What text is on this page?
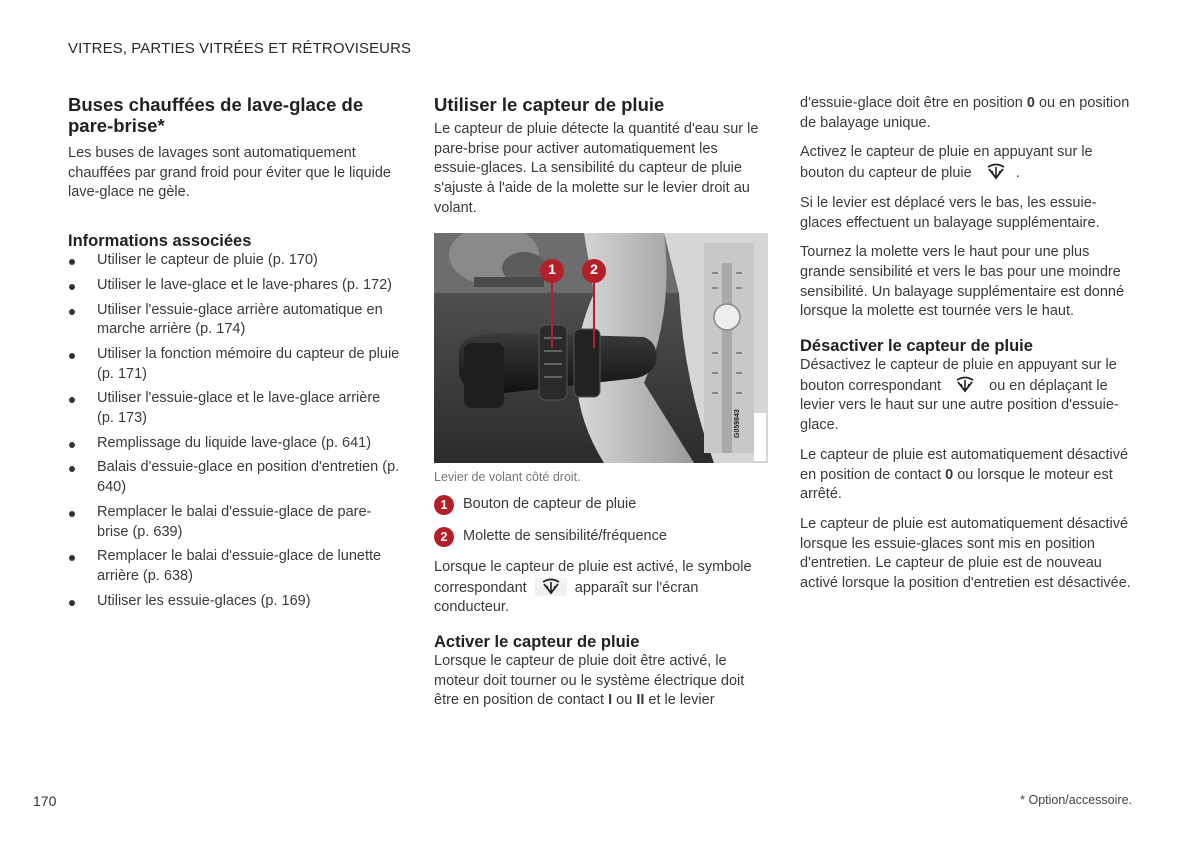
VITRES, PARTIES VITRÉES ET RÉTROVISEURS
Buses chauffées de lave-glace de pare-brise*

Les buses de lavages sont automatiquement chauffées par grand froid pour éviter que le liquide lave-glace ne gèle.

Informations associées
Utiliser le capteur de pluie (p. 170)
Utiliser le lave-glace et le lave-phares (p. 172)
Utiliser l'essuie-glace arrière automatique en marche arrière (p. 174)
Utiliser la fonction mémoire du capteur de pluie (p. 171)
Utiliser l'essuie-glace et le lave-glace arrière (p. 173)
Remplissage du liquide lave-glace (p. 641)
Balais d'essuie-glace en position d'entretien (p. 640)
Remplacer le balai d'essuie-glace de pare-brise (p. 639)
Remplacer le balai d'essuie-glace de lunette arrière (p. 638)
Utiliser les essuie-glaces (p. 169)
Utiliser le capteur de pluie

Le capteur de pluie détecte la quantité d'eau sur le pare-brise pour activer automatiquement les essuie-glaces. La sensibilité du capteur de pluie s'ajuste à l'aide de la molette sur le levier droit au volant.

1	2
G059843
Levier de volant côté droit.
1	Bouton de capteur de pluie
2	Molette de sensibilité/fréquence

Lorsque le capteur de pluie est activé, le symbole correspondant	apparaît sur l'écran conducteur.

Activer le capteur de pluie

Lorsque le capteur de pluie doit être activé, le moteur doit tourner ou le système électrique doit être en position de contact I ou II et le levier

d'essuie-glace doit être en position 0 ou en position de balayage unique.

Activez le capteur de pluie en appuyant sur le bouton du capteur de pluie	.

Si le levier est déplacé vers le bas, les essuie-glaces effectuent un balayage supplémentaire.

Tournez la molette vers le haut pour une plus grande sensibilité et vers le bas pour une moindre sensibilité. Un balayage supplémentaire est donné lorsque la molette est tournée vers le haut.

Désactiver le capteur de pluie

Désactivez le capteur de pluie en appuyant sur le bouton correspondant	ou en déplaçant le levier vers le haut sur une autre position d'essuie-glace.

Le capteur de pluie est automatiquement désactivé en position de contact 0 ou lorsque le moteur est arrêté.

Le capteur de pluie est automatiquement désactivé lorsque les essuie-glaces sont mis en position d'entretien. Le capteur de pluie est de nouveau activé lorsque la position d'entretien est désactivée.

170	* Option/accessoire.
